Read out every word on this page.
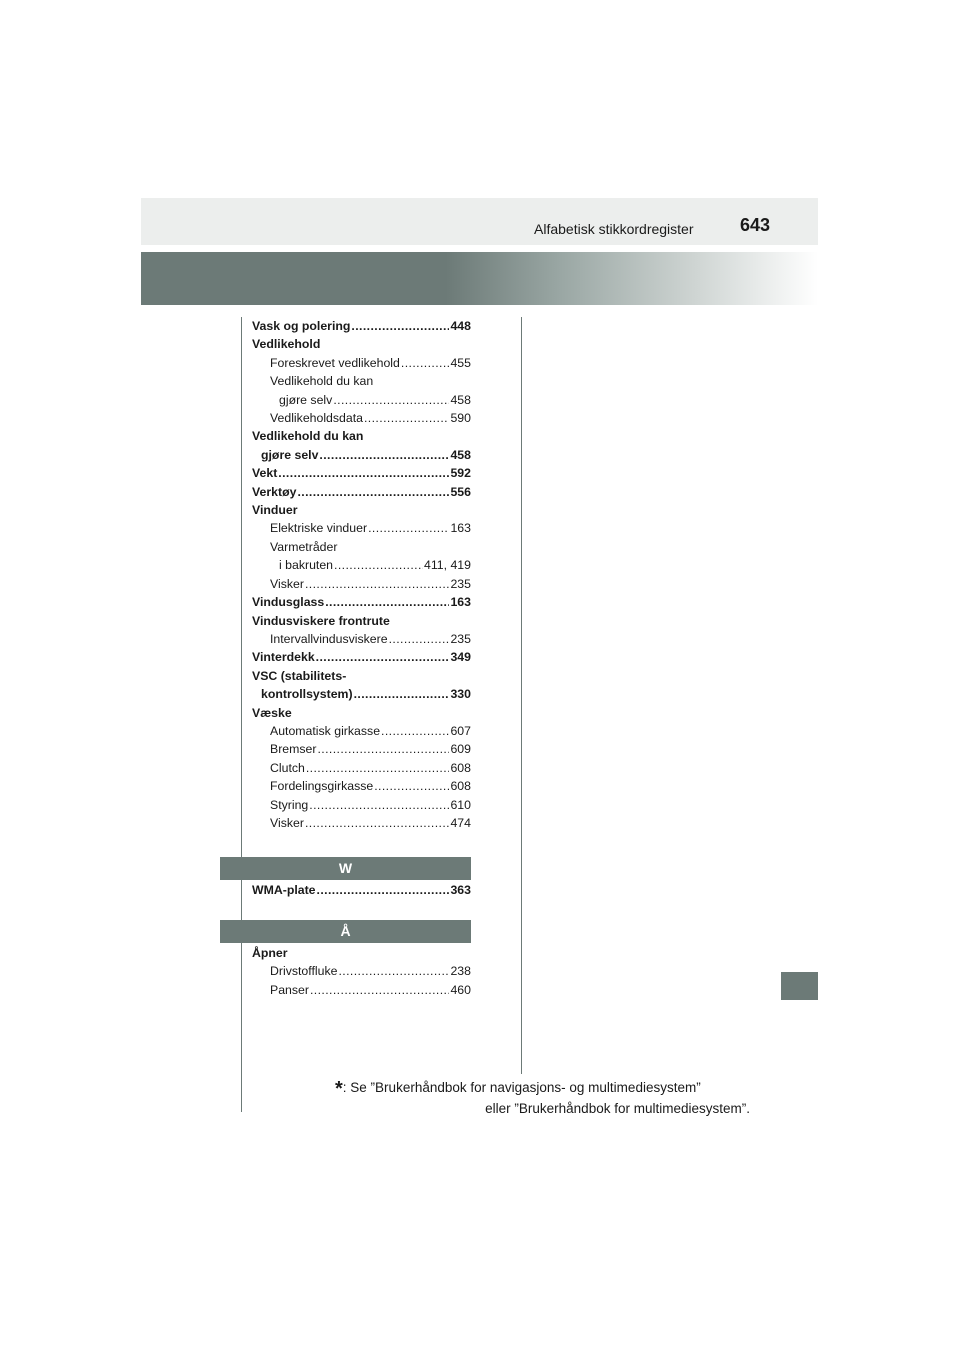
Alfabetisk stikkordregister	643
Vask og polering .....	448
Vedlikehold
Foreskrevet vedlikehold .....	455
Vedlikehold du kan
gjøre selv .....	458
Vedlikeholdsdata .....	590
Vedlikehold du kan
gjøre selv .....	458
Vekt .....	592
Verktøy .....	556
Vinduer
Elektriske vinduer .....	163
Varmetråder
i bakruten .....	411, 419
Visker .....	235
Vindusglass .....	163
Vindusviskere frontrute
Intervallvindusviskere .....	235
Vinterdekk .....	349
VSC (stabilitets-
kontrollsystem) .....	330
Væske
Automatisk girkasse .....	607
Bremser .....	609
Clutch .....	608
Fordelingsgirkasse .....	608
Styring .....	610
Visker .....	474
W
WMA-plate .....	363
Å
Åpner
Drivstoffluke .....	238
Panser .....	460
*: Se ”Brukerhåndbok for navigasjons- og multimediesystem”
eller ”Brukerhåndbok for multimediesystem”.
